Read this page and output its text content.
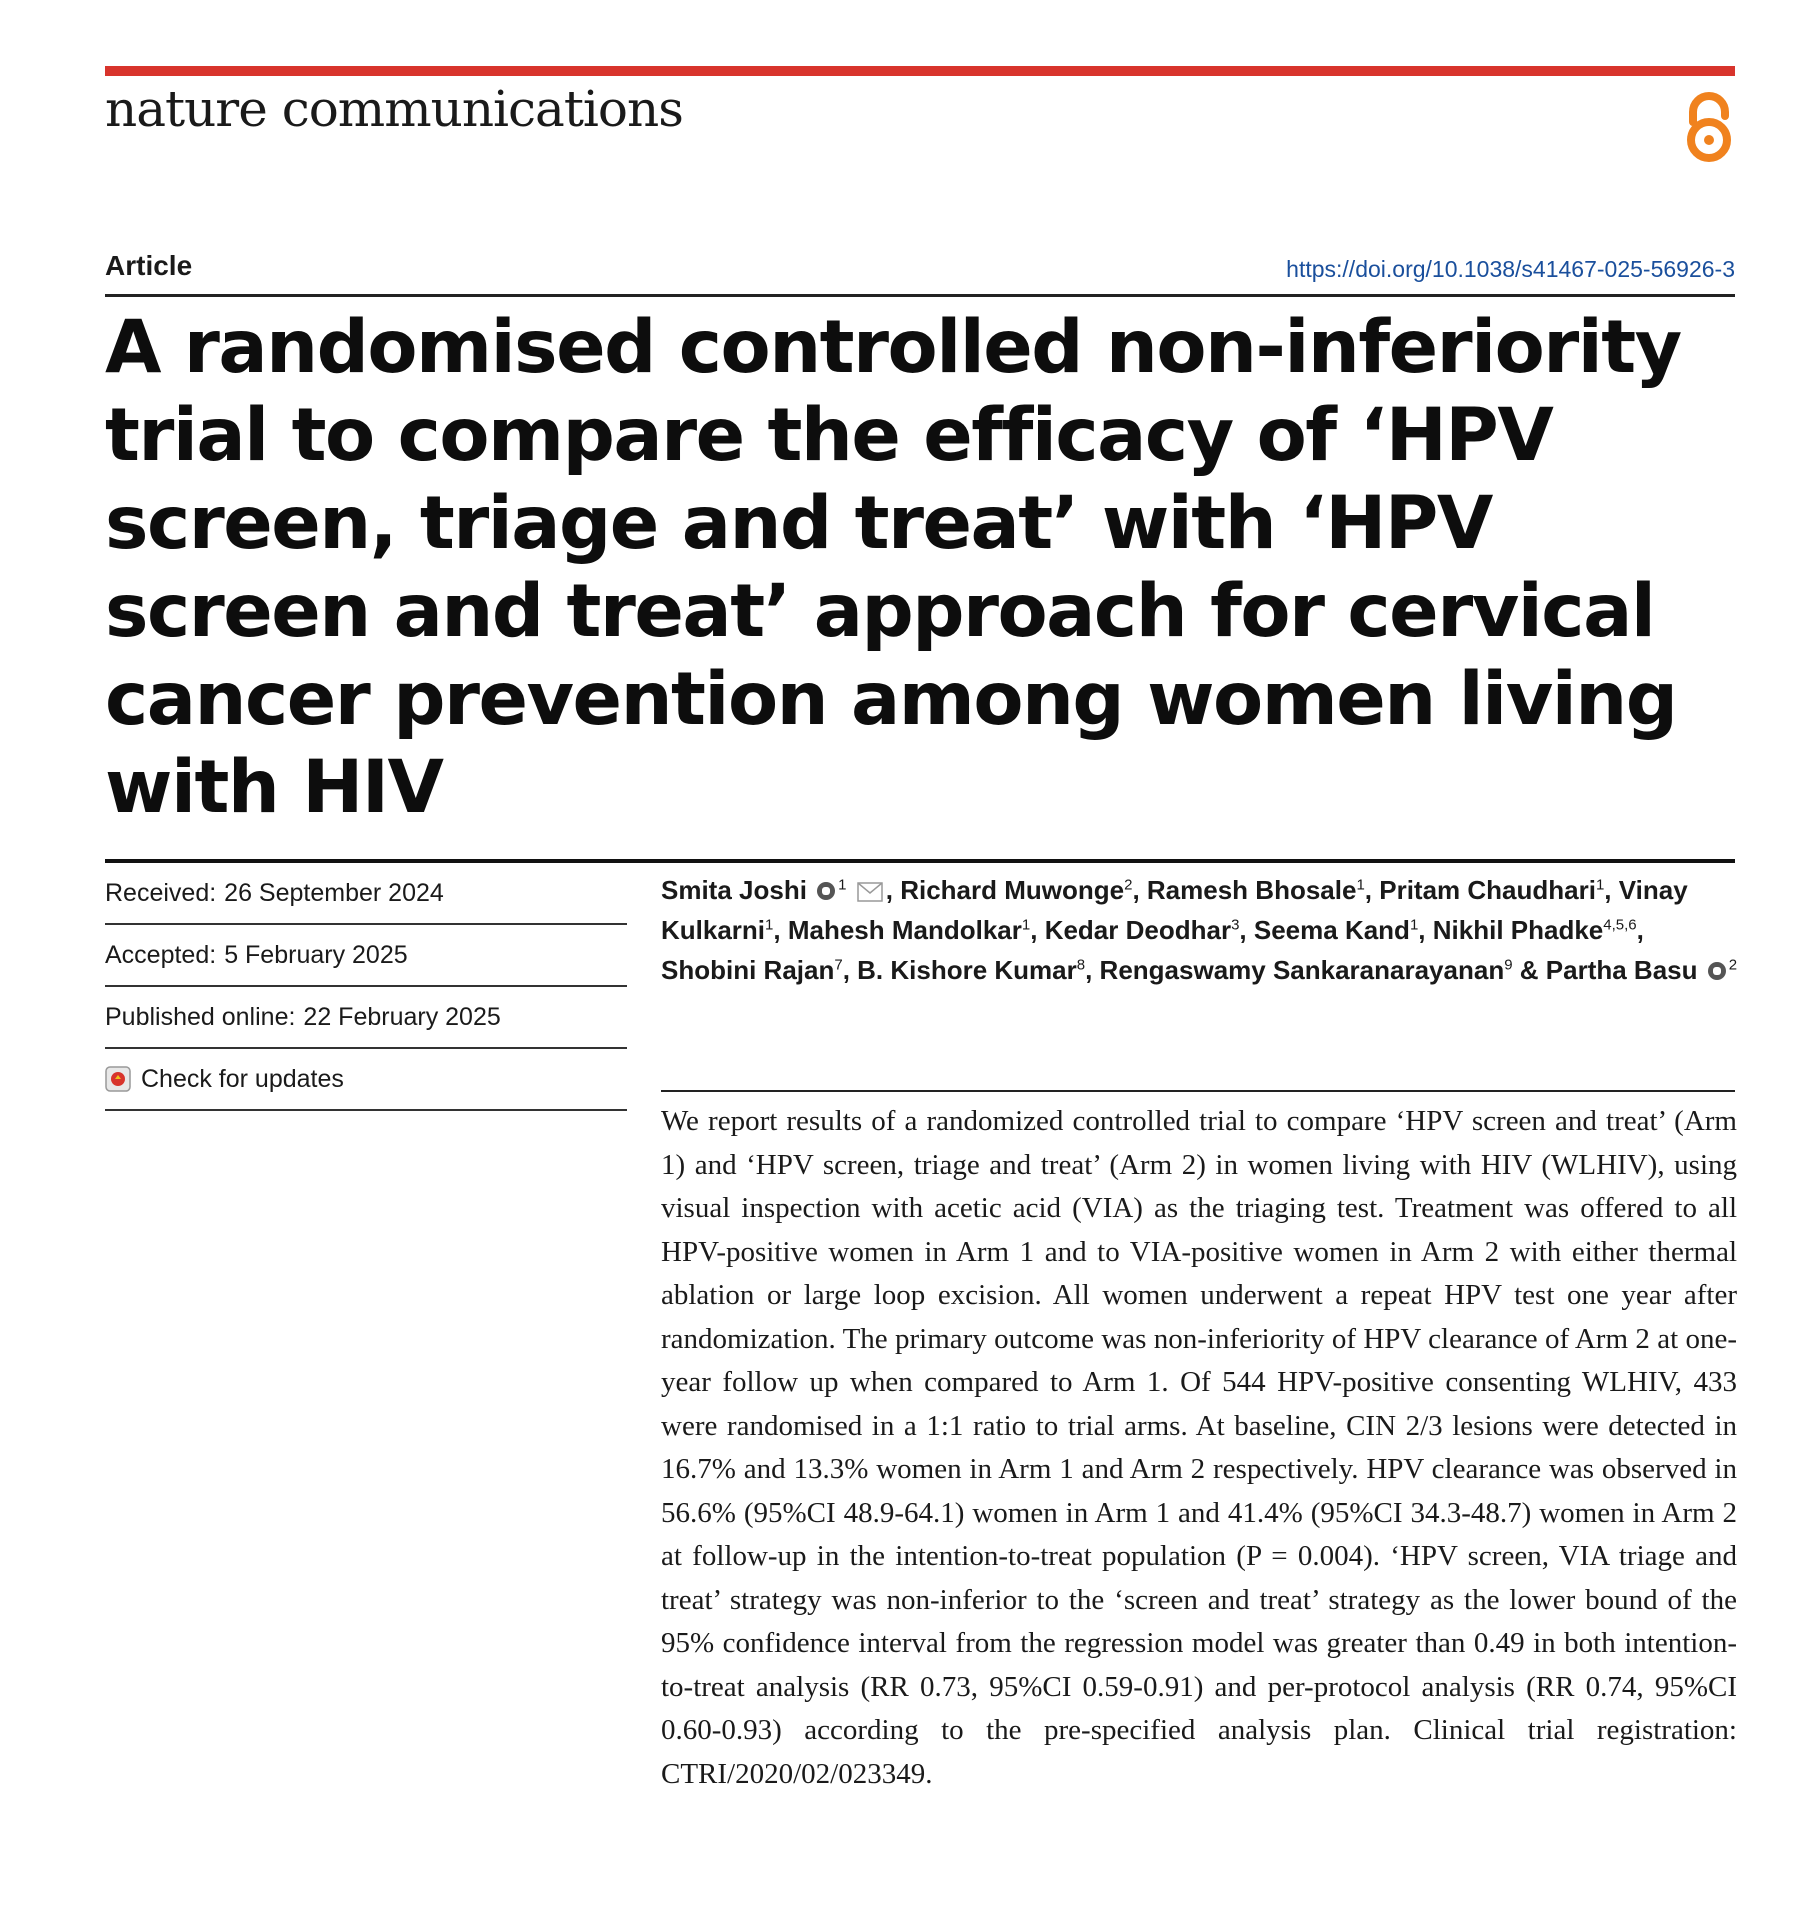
nature communications
Article	https://doi.org/10.1038/s41467-025-56926-3
A randomised controlled non-inferiority trial to compare the efficacy of ‘HPV screen, triage and treat’ with ‘HPV screen and treat’ approach for cervical cancer prevention among women living with HIV
Received: 26 September 2024
Accepted: 5 February 2025
Published online: 22 February 2025
Check for updates
Smita Joshi $^1$ , Richard Muwonge$^2$, Ramesh Bhosale$^1$, Pritam Chaudhari$^1$, Vinay Kulkarni$^1$, Mahesh Mandolkar$^1$, Kedar Deodhar$^3$, Seema Kand$^1$, Nikhil Phadke$^{4,5,6}$, Shobini Rajan$^7$, B. Kishore Kumar$^8$, Rengaswamy Sankaranarayanan$^9$ & Partha Basu $^2$

We report results of a randomized controlled trial to compare ‘HPV screen and treat’ (Arm 1) and ‘HPV screen, triage and treat’ (Arm 2) in women living with HIV (WLHIV), using visual inspection with acetic acid (VIA) as the triaging test. Treatment was offered to all HPV-positive women in Arm 1 and to VIA-positive women in Arm 2 with either thermal ablation or large loop excision. All women underwent a repeat HPV test one year after randomization. The primary outcome was non-inferiority of HPV clearance of Arm 2 at one-year follow up when compared to Arm 1. Of 544 HPV-positive consenting WLHIV, 433 were randomised in a 1:1 ratio to trial arms. At baseline, CIN 2/3 lesions were detected in 16.7% and 13.3% women in Arm 1 and Arm 2 respectively. HPV clearance was observed in 56.6% (95%CI 48.9-64.1) women in Arm 1 and 41.4% (95%CI 34.3-48.7) women in Arm 2 at follow-up in the intention-to-treat population (P = 0.004). ‘HPV screen, VIA triage and treat’ strategy was non-inferior to the ‘screen and treat’ strategy as the lower bound of the 95% confidence interval from the regression model was greater than 0.49 in both intention-to-treat analysis (RR 0.73, 95%CI 0.59-0.91) and per-protocol analysis (RR 0.74, 95%CI 0.60-0.93) according to the pre-specified analysis plan. Clinical trial registration: CTRI/2020/02/023349.
